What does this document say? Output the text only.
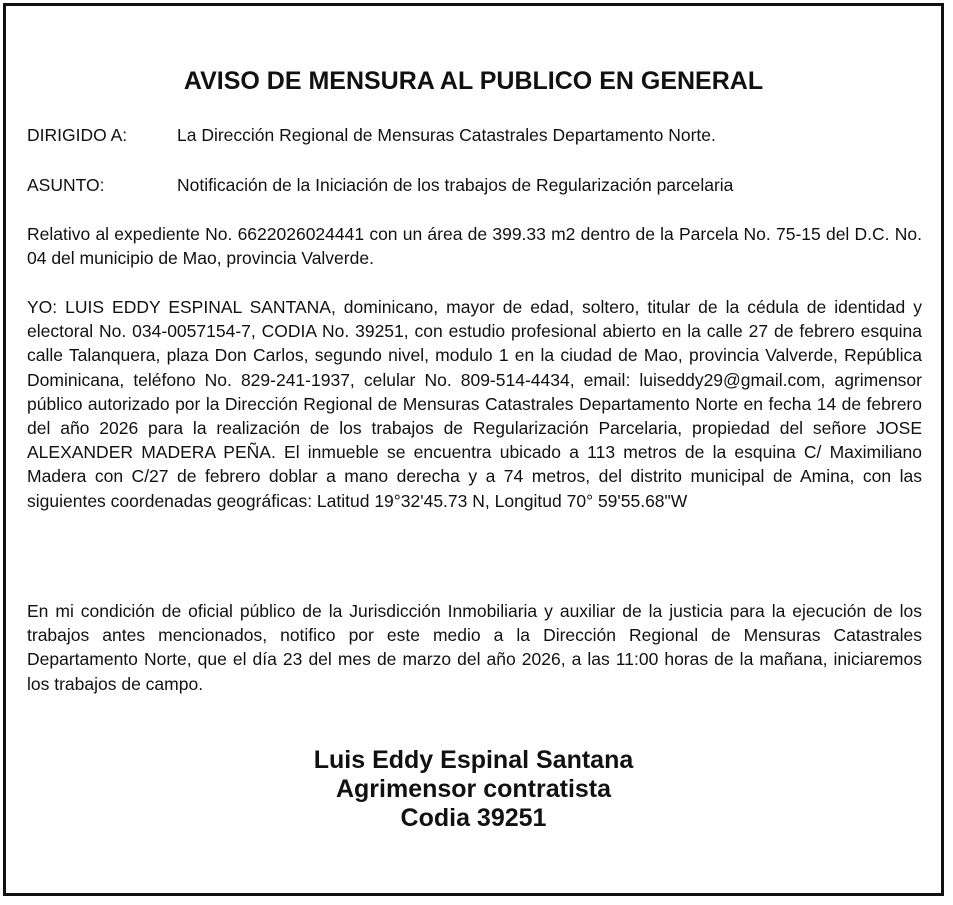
AVISO DE MENSURA AL PUBLICO EN GENERAL
DIRIGIDO A:	La Dirección Regional de Mensuras Catastrales Departamento Norte.
ASUNTO:	Notificación de la Iniciación de los trabajos de Regularización parcelaria

Relativo al expediente No. 6622026024441 con un área de 399.33 m2 dentro de la Parcela No. 75-15 del D.C. No. 04 del municipio de Mao, provincia Valverde.

YO: LUIS EDDY ESPINAL SANTANA, dominicano, mayor de edad, soltero, titular de la cédula de identidad y electoral No. 034-0057154-7, CODIA No. 39251, con estudio profesional abierto en la calle 27 de febrero esquina calle Talanquera, plaza Don Carlos, segundo nivel, modulo 1 en la ciudad de Mao, provincia Valverde, República Dominicana, teléfono No. 829-241-1937, celular No. 809-514-4434, email: luiseddy29@gmail.com, agrimensor público autorizado por la Dirección Regional de Mensuras Catastrales Departamento Norte en fecha 14 de febrero del año 2026 para la realización de los trabajos de Regularización Parcelaria, propiedad del señore JOSE ALEXANDER MADERA PEÑA. El inmueble se encuentra ubicado a 113 metros de la esquina C/ Maximiliano Madera con C/27 de febrero doblar a mano derecha y a 74 metros, del distrito municipal de Amina, con las siguientes coordenadas geográficas: Latitud 19°32'45.73 N, Longitud 70° 59'55.68"W

En mi condición de oficial público de la Jurisdicción Inmobiliaria y auxiliar de la justicia para la ejecución de los trabajos antes mencionados, notifico por este medio a la Dirección Regional de Mensuras Catastrales Departamento Norte, que el día 23 del mes de marzo del año 2026, a las 11:00 horas de la mañana, iniciaremos los trabajos de campo.

Luis Eddy Espinal Santana
Agrimensor contratista
Codia 39251
